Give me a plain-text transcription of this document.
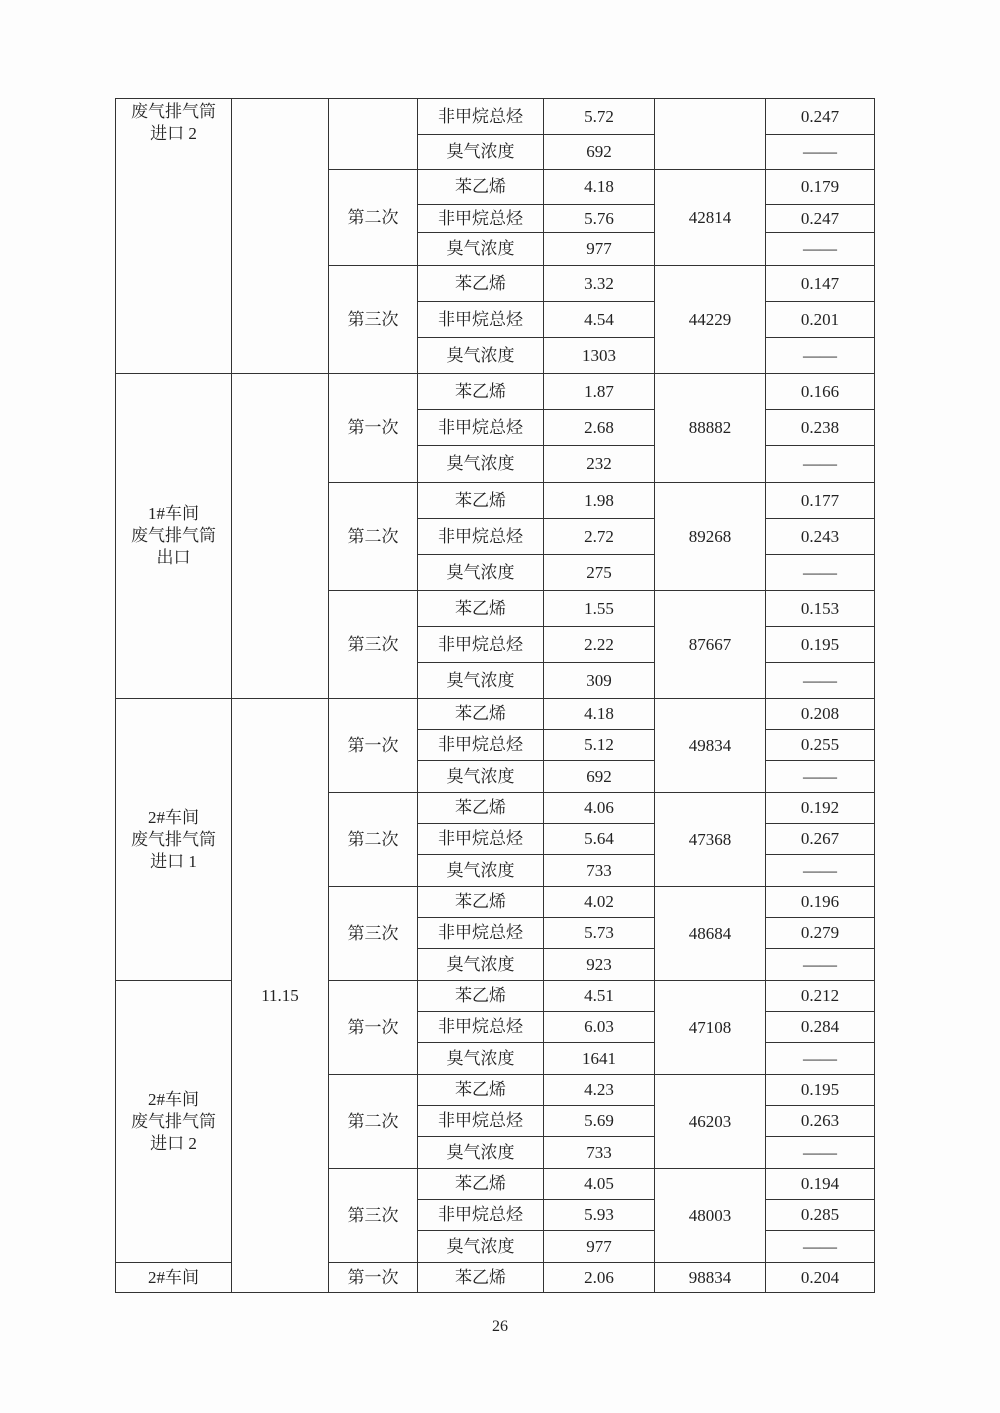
废气排气筒
进口 2			非甲烷总烃	5.72		0.247
			臭气浓度	692		——
		第二次	苯乙烯	4.18	42814	0.179
			非甲烷总烃	5.76		0.247
			臭气浓度	977		——
		第三次	苯乙烯	3.32	44229	0.147
			非甲烷总烃	4.54		0.201
			臭气浓度	1303		——
1#车间
废气排气筒
出口		第一次	苯乙烯	1.87	88882	0.166
			非甲烷总烃	2.68		0.238
			臭气浓度	232		——
		第二次	苯乙烯	1.98	89268	0.177
			非甲烷总烃	2.72		0.243
			臭气浓度	275		——
		第三次	苯乙烯	1.55	87667	0.153
			非甲烷总烃	2.22		0.195
			臭气浓度	309		——
2#车间
废气排气筒
进口 1	11.15	第一次	苯乙烯	4.18	49834	0.208
			非甲烷总烃	5.12		0.255
			臭气浓度	692		——
		第二次	苯乙烯	4.06	47368	0.192
			非甲烷总烃	5.64		0.267
			臭气浓度	733		——
		第三次	苯乙烯	4.02	48684	0.196
			非甲烷总烃	5.73		0.279
			臭气浓度	923		——
2#车间
废气排气筒
进口 2		第一次	苯乙烯	4.51	47108	0.212
			非甲烷总烃	6.03		0.284
			臭气浓度	1641		——
		第二次	苯乙烯	4.23	46203	0.195
			非甲烷总烃	5.69		0.263
			臭气浓度	733		——
		第三次	苯乙烯	4.05	48003	0.194
			非甲烷总烃	5.93		0.285
			臭气浓度	977		——
2#车间		第一次	苯乙烯	2.06	98834	0.204
26
